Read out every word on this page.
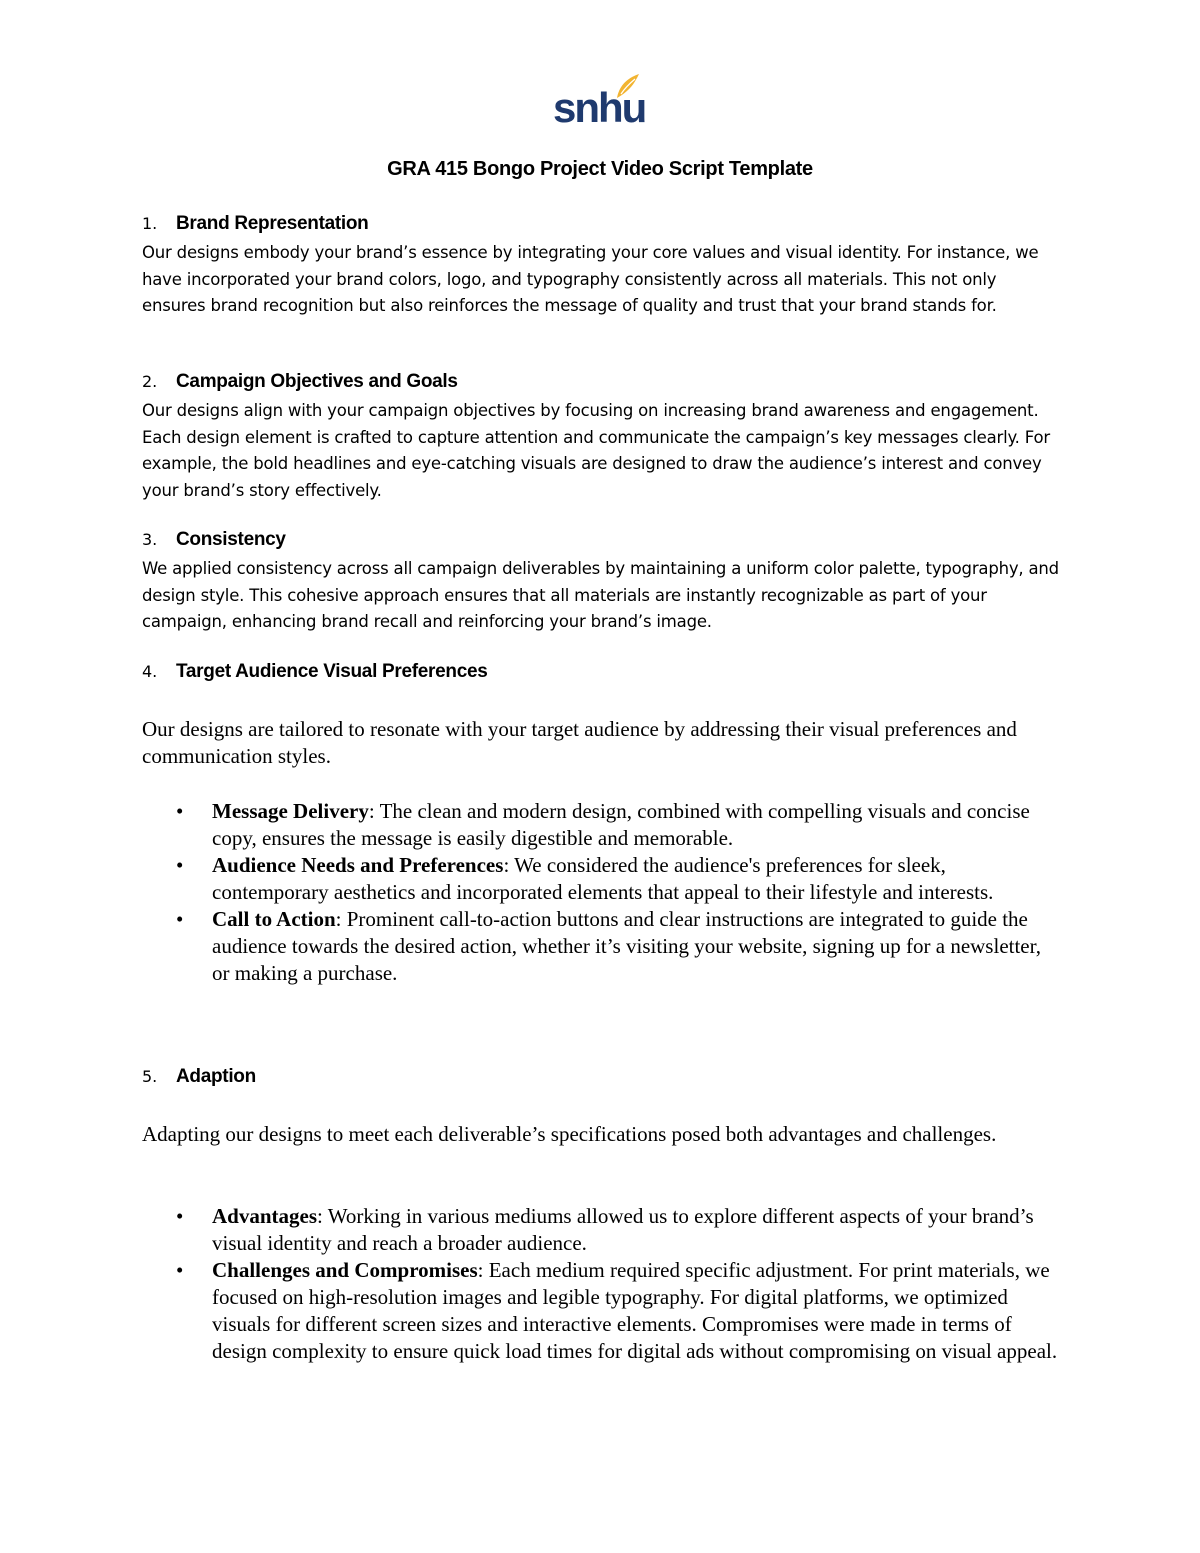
snhu
GRA 415 Bongo Project Video Script Template
1. Brand Representation

Our designs embody your brand’s essence by integrating your core values and visual identity. For instance, we have incorporated your brand colors, logo, and typography consistently across all materials. This not only ensures brand recognition but also reinforces the message of quality and trust that your brand stands for.

2. Campaign Objectives and Goals

Our designs align with your campaign objectives by focusing on increasing brand awareness and engagement. Each design element is crafted to capture attention and communicate the campaign’s key messages clearly. For example, the bold headlines and eye-catching visuals are designed to draw the audience’s interest and convey your brand’s story effectively.

3. Consistency

We applied consistency across all campaign deliverables by maintaining a uniform color palette, typography, and design style. This cohesive approach ensures that all materials are instantly recognizable as part of your campaign, enhancing brand recall and reinforcing your brand’s image.

4. Target Audience Visual Preferences

Our designs are tailored to resonate with your target audience by addressing their visual preferences and communication styles.

• Message Delivery: The clean and modern design, combined with compelling visuals and concise copy, ensures the message is easily digestible and memorable.
• Audience Needs and Preferences: We considered the audience's preferences for sleek, contemporary aesthetics and incorporated elements that appeal to their lifestyle and interests.
• Call to Action: Prominent call-to-action buttons and clear instructions are integrated to guide the audience towards the desired action, whether it’s visiting your website, signing up for a newsletter, or making a purchase.
5. Adaption

Adapting our designs to meet each deliverable’s specifications posed both advantages and challenges.

• Advantages: Working in various mediums allowed us to explore different aspects of your brand’s visual identity and reach a broader audience.
• Challenges and Compromises: Each medium required specific adjustment. For print materials, we focused on high-resolution images and legible typography. For digital platforms, we optimized visuals for different screen sizes and interactive elements. Compromises were made in terms of design complexity to ensure quick load times for digital ads without compromising on visual appeal.
